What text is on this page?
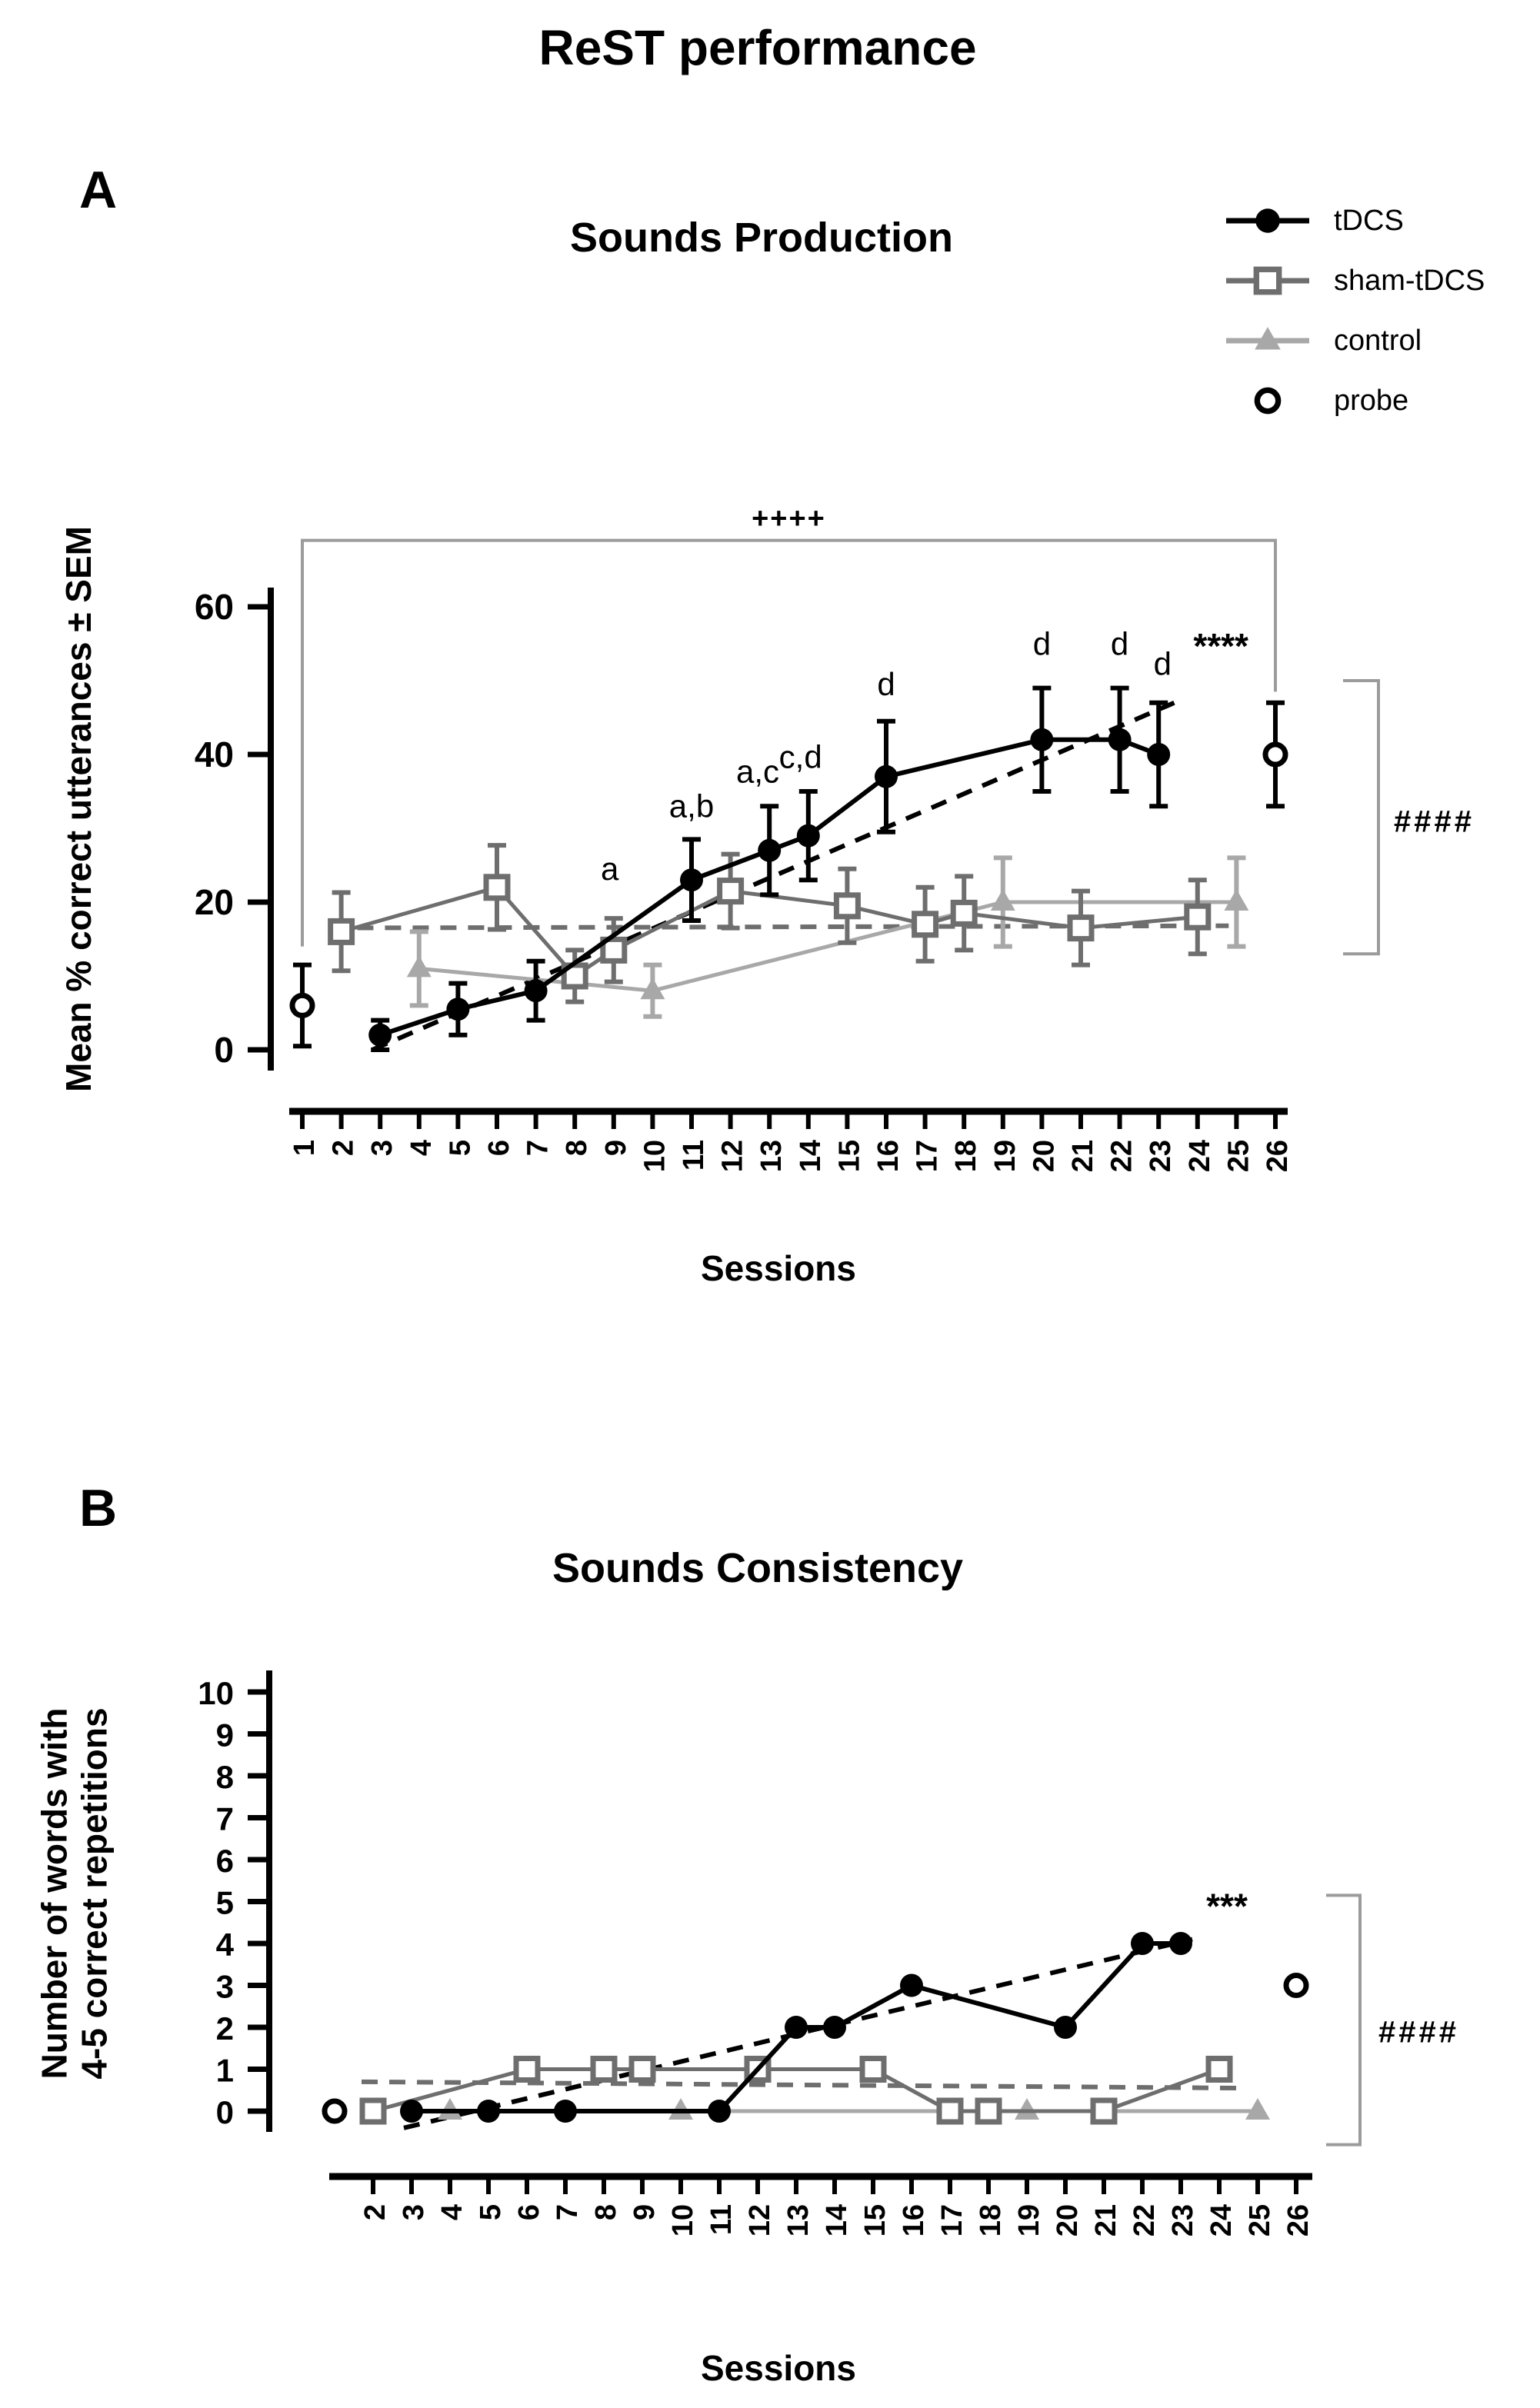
ReST performance
A
Sounds Production
Mean % correct utterances ± SEM
Sessions
tDCS
sham-tDCS
control
probe
B
Sounds Consistency
Number of words with 4-5 correct repetitions
Sessions
0
20
40
60
1 2 3 4 5 6 7 8 9 10 11 12 13 14 15 16 17 18 19 20 21 22 23 24 25 26
a
a,b
a,c c,d
d
d d
d ****
++++
####
0
1
2
3
4
5
6
7
8
9
10
2 3 4 5 6 7 8 9 10 11 12 13 14 15 16 17 18 19 20 21 22 23 24 25 26
***
####
